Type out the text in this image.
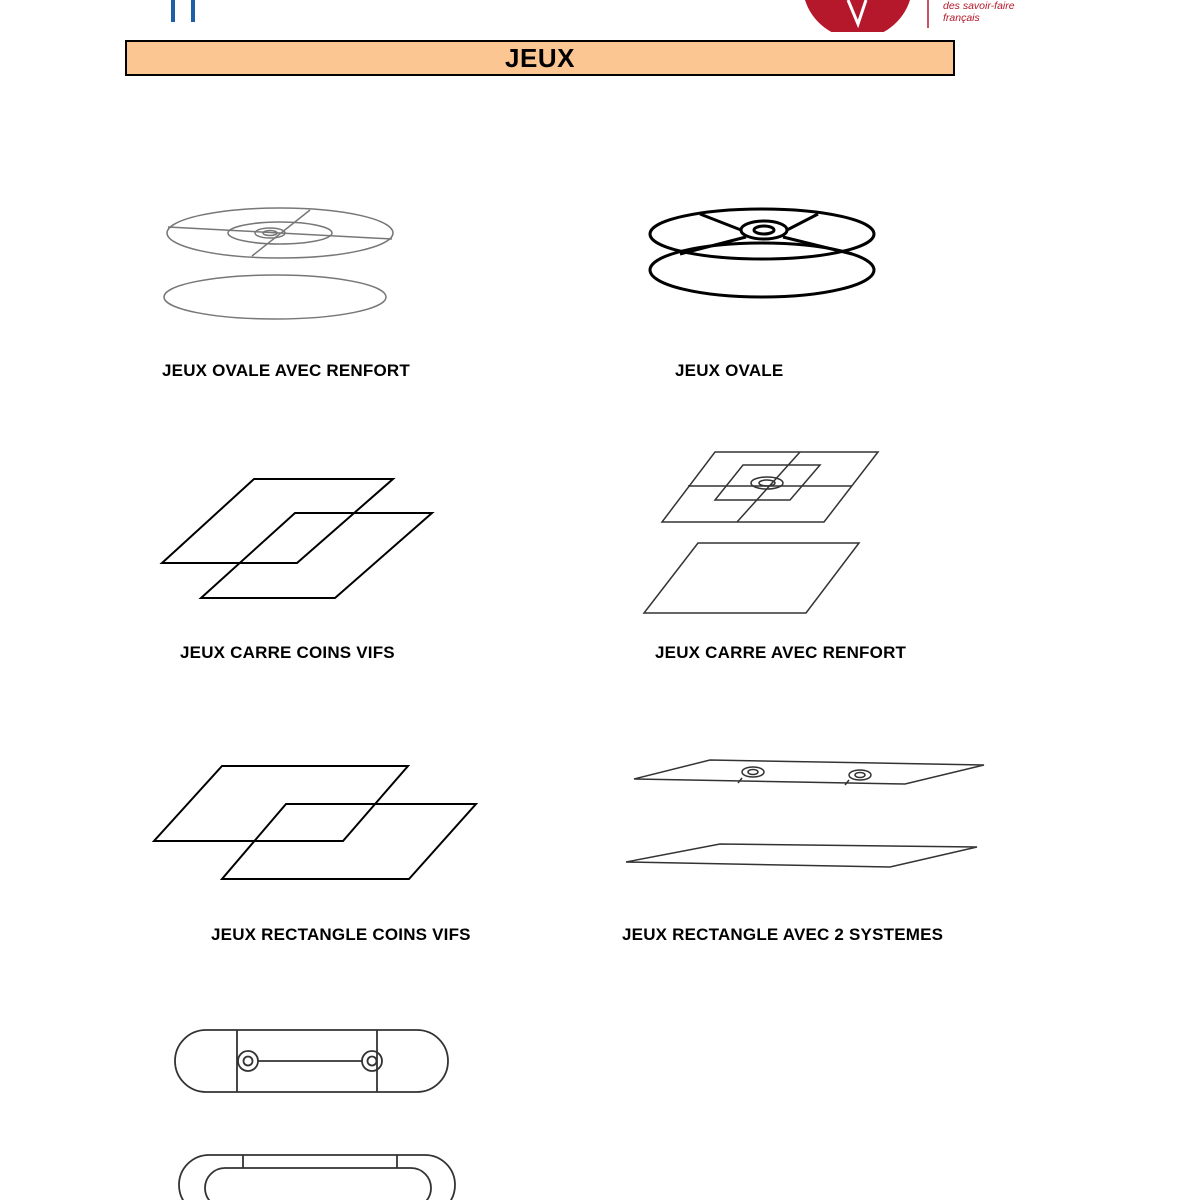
des savoir-faire
français
JEUX
JEUX OVALE AVEC RENFORT	JEUX OVALE
JEUX CARRE COINS VIFS	JEUX CARRE AVEC RENFORT
JEUX RECTANGLE COINS VIFS	JEUX RECTANGLE AVEC 2 SYSTEMES
